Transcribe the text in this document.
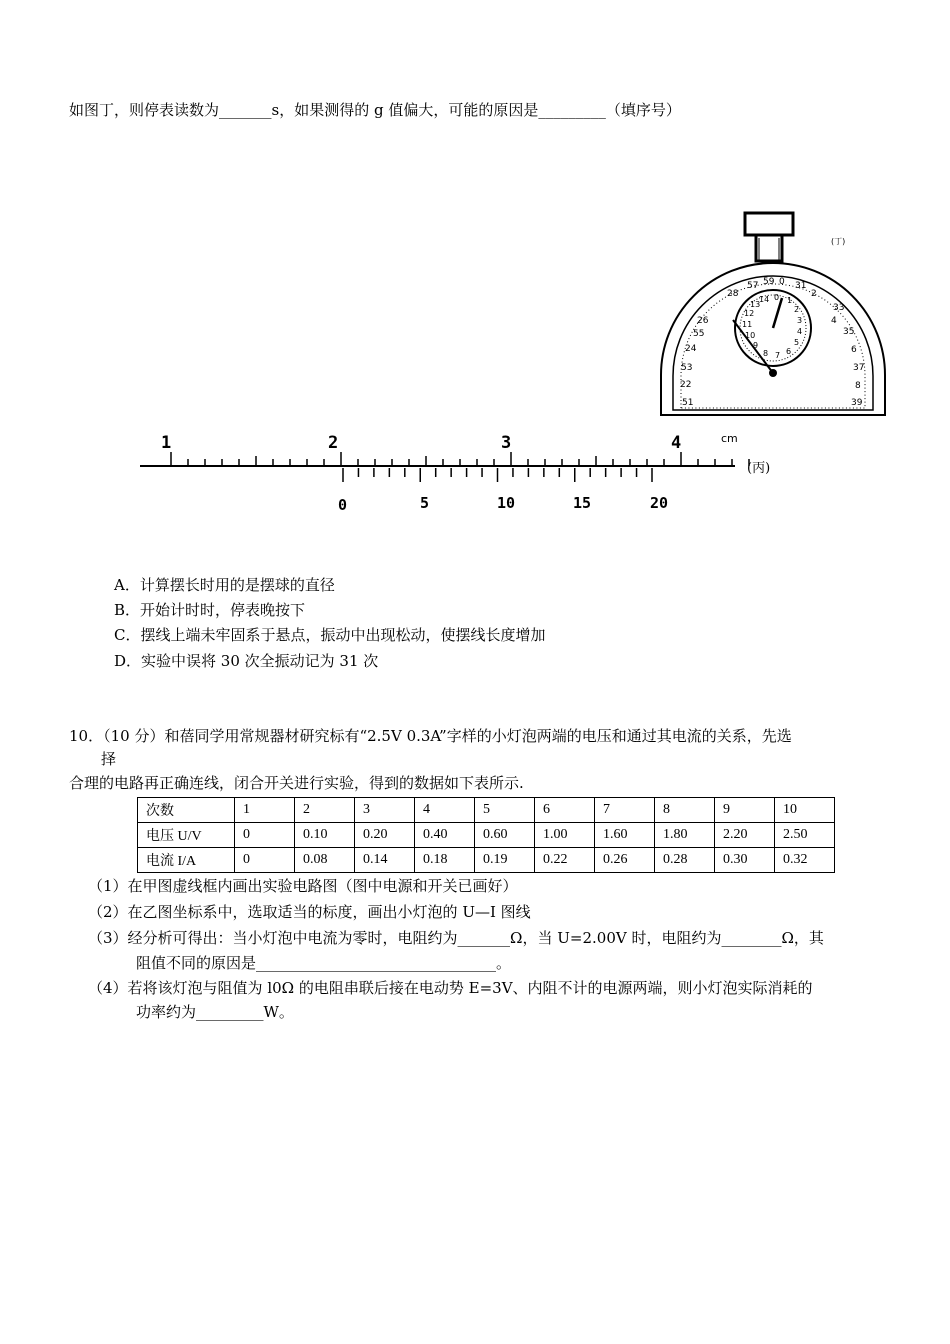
如图丁，则停表读数为_______s，如果测得的 g 值偏大，可能的原因是_________（填序号）
26
55
24
53
22
51
33
4
35
6
37
8
39
28
57 59 0 31
2
(丁)
14 0 1
2
3
4
5
6
7
8
9
10
11
12
13
1	2	3	4
0	5	10	15	20
cm
(丙)
A．计算摆长时用的是摆球的直径
B．开始计时时，停表晚按下
C．摆线上端未牢固系于悬点，振动中出现松动，使摆线长度增加
D．实验中误将 30 次全振动记为 31 次
10．（10 分）和蓓同学用常规器材研究标有“2.5V 0.3A”字样的小灯泡两端的电压和通过其电流的关系，先选
择
合理的电路再正确连线，闭合开关进行实验，得到的数据如下表所示.
次数	1	2	3	4	5	6	7	8	9	10
电压 U/V	0	0.10	0.20	0.40	0.60	1.00	1.60	1.80	2.20	2.50
电流 I/A	0	0.08	0.14	0.18	0.19	0.22	0.26	0.28	0.30	0.32
（1）在甲图虚线框内画出实验电路图（图中电源和开关已画好）
（2）在乙图坐标系中，选取适当的标度，画出小灯泡的 U—I 图线
（3）经分析可得出：当小灯泡中电流为零时，电阻约为_______Ω，当 U=2.00V 时，电阻约为________Ω，其
阻值不同的原因是________________________________。
（4）若将该灯泡与阻值为 l0Ω 的电阻串联后接在电动势 E=3V、内阻不计的电源两端，则小灯泡实际消耗的
功率约为_________W。
